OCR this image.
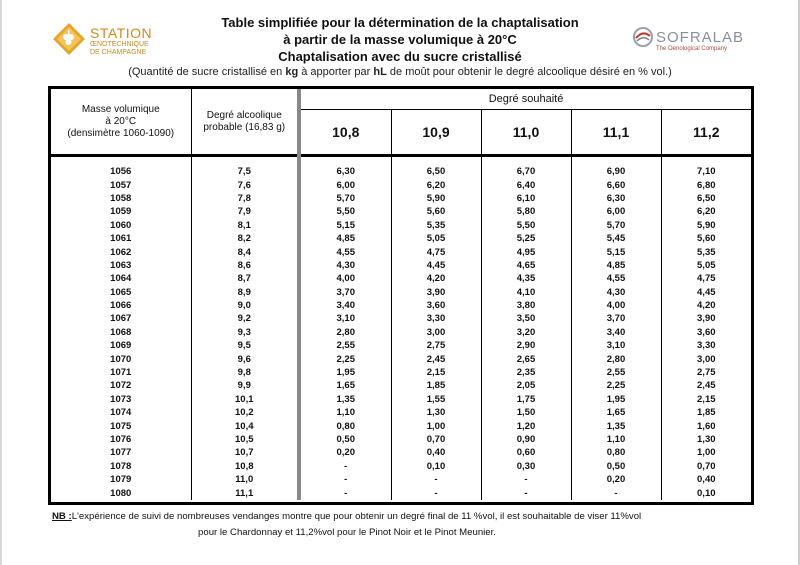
STATION
ŒNOTECHNIQUE
DE CHAMPAGNE
SOFRALAB
The Oenological Company
Table simplifiée pour la détermination de la chaptalisation
à partir de la masse volumique à 20°C
Chaptalisation avec du sucre cristallisé
(Quantité de sucre cristallisé en kg à apporter par hL de moût pour obtenir le degré alcoolique désiré en % vol.)
Masse volumique
à 20°C
(densimètre 1060-1090)	Degré alcoolique
probable (16,83 g)	Degré souhaité				
		10,8	10,9	11,0	11,1	11,2

1056	7,5	6,30	6,50	6,70	6,90	7,10
1057	7,6	6,00	6,20	6,40	6,60	6,80
1058	7,8	5,70	5,90	6,10	6,30	6,50
1059	7,9	5,50	5,60	5,80	6,00	6,20
1060	8,1	5,15	5,35	5,50	5,70	5,90
1061	8,2	4,85	5,05	5,25	5,45	5,60
1062	8,4	4,55	4,75	4,95	5,15	5,35
1063	8,6	4,30	4,45	4,65	4,85	5,05
1064	8,7	4,00	4,20	4,35	4,55	4,75
1065	8,9	3,70	3,90	4,10	4,30	4,45
1066	9,0	3,40	3,60	3,80	4,00	4,20
1067	9,2	3,10	3,30	3,50	3,70	3,90
1068	9,3	2,80	3,00	3,20	3,40	3,60
1069	9,5	2,55	2,75	2,90	3,10	3,30
1070	9,6	2,25	2,45	2,65	2,80	3,00
1071	9,8	1,95	2,15	2,35	2,55	2,75
1072	9,9	1,65	1,85	2,05	2,25	2,45
1073	10,1	1,35	1,55	1,75	1,95	2,15
1074	10,2	1,10	1,30	1,50	1,65	1,85
1075	10,4	0,80	1,00	1,20	1,35	1,60
1076	10,5	0,50	0,70	0,90	1,10	1,30
1077	10,7	0,20	0,40	0,60	0,80	1,00
1078	10,8	-	0,10	0,30	0,50	0,70
1079	11,0	-	-	-	0,20	0,40
1080	11,1	-	-	-	-	0,10
NB :L'expérience de suivi de nombreuses vendanges montre que pour obtenir un degré final de 11 %vol, il est souhaitable de viser 11%vol
pour le Chardonnay et 11,2%vol pour le Pinot Noir et le Pinot Meunier.
